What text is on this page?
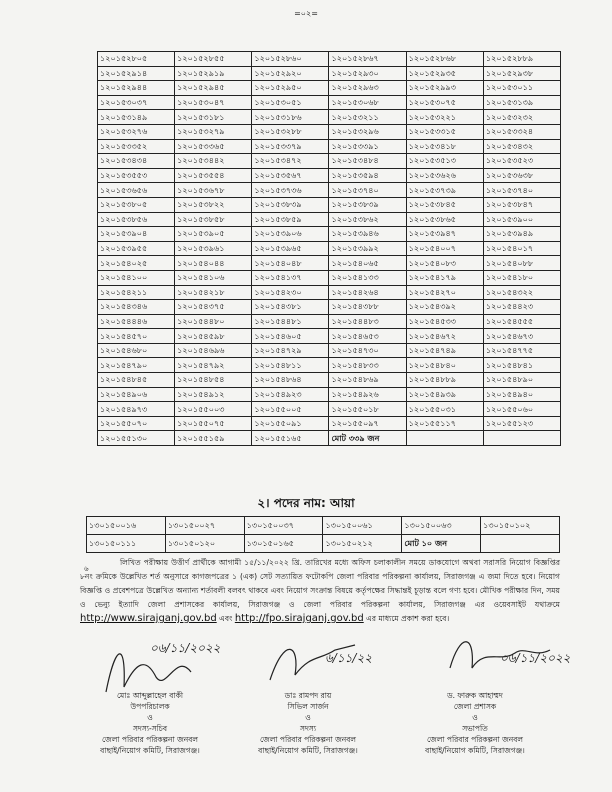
=০২=
১২০১৫২৮০৫	১২০১৫২৮৫৫	১২০১৫২৮৬০	১২০১৫২৮৬৭	১২০১৫২৮৬৮	১২০১৫২৮৮৯
১২০১৫২৯১৪	১২০১৫২৯১৯	১২০১৫২৯২০	১২০১৫২৯৩০	১২০১৫২৯৩৫	১২০১৫২৯৩৮
১২০১৫২৯৪৪	১২০১৫২৯৪৫	১২০১৫২৯৫০	১২০১৫২৯৬৩	১২০১৫২৯৯৩	১২০১৫৩০১১
১২০১৫৩০৩৭	১২০১৫৩০৪৭	১২০১৫৩০৫১	১২০১৫৩০৬৮	১২০১৫৩০৭৫	১২০১৫৩১৩৯
১২০১৫৩১৪৯	১২০১৫৩১৮১	১২০১৫৩১৮৬	১২০১৫৩২১১	১২০১৫৩২২১	১২০১৫৩২৩২
১২০১৫৩২৭৬	১২০১৫৩২৭৯	১২০১৫৩২৮৮	১২০১৫৩২৯৬	১২০১৫৩৩১৫	১২০১৫৩৩২৪
১২০১৫৩৩৫২	১২০১৫৩৩৬৫	১২০১৫৩৩৭৯	১২০১৫৩৩৯১	১২০১৫৩৪১৮	১২০১৫৩৪৩২
১২০১৫৩৪৩৪	১২০১৫৩৪৪২	১২০১৫৩৪৭২	১২০১৫৩৪৮৪	১২০১৫৩৫১৩	১২০১৫৩৫২৩
১২০১৫৩৫৫৩	১২০১৫৩৫৫৪	১২০১৫৩৫৬৭	১২০১৫৩৫৯৪	১২০১৫৩৬২৬	১২০১৫৩৬৩৮
১২০১৫৩৬৫৬	১২০১৫৩৬৭৮	১২০১৫৩৭৩৬	১২০১৫৩৭৪০	১২০১৫৩৭৩৯	১২০১৫৩৭৪০
১২০১৫৩৮০৫	১২০১৫৩৮২২	১২০১৫৩৮৩৯	১২০১৫৩৮৩৯	১২০১৫৩৮৪৫	১২০১৫৩৮৪৭
১২০১৫৩৮৫৬	১২০১৫৩৮৫৮	১২০১৫৩৮৫৯	১২০১৫৩৮৬২	১২০১৫৩৮৬৫	১২০১৫৩৯০০
১২০১৫৩৯০৪	১২০১৫৩৯০৫	১২০১৫৩৯০৬	১২০১৫৩৯৪৬	১২০১৫৩৯৪৭	১২০১৫৩৯৪৯
১২০১৫৩৯৫৫	১২০১৫৩৯৬১	১২০১৫৩৯৬৫	১২০১৫৩৯৯২	১২০১৫৪০০৭	১২০১৫৪০১৭
১২০১৫৪০২৫	১২০১৫৪০৪৪	১২০১৫৪০৪৮	১২০১৫৪০৬৫	১২০১৫৪০৮৩	১২০১৫৪০৮৮
১২০১৫৪১০০	১২০১৫৪১০৬	১২০১৫৪১৩৭	১২০১৫৪১৩৩	১২০১৫৪১৭৯	১২০১৫৪১৮০
১২০১৫৪২১১	১২০১৫৪২১৮	১২০১৫৪২৩০	১২০১৫৪২৬৪	১২০১৫৪২৭০	১২০১৫৪৩২২
১২০১৫৪৩৪৬	১২০১৫৪৩৭৫	১২০১৫৪৩৮১	১২০১৫৪৩৮৮	১২০১৫৪৩৯২	১২০১৫৪৪২৩
১২০১৫৪৪৪৬	১২০১৫৪৪৮০	১২০১৫৪৪৮১	১২০১৫৪৪৮৩	১২০১৫৪৫৩৩	১২০১৫৪৫৫৫
১২০১৫৪৫৭০	১২০১৫৪৫৯৮	১২০১৫৪৬০৫	১২০১৫৪৬৫৩	১২০১৫৪৬৭২	১২০১৫৪৬৭৩
১২০১৫৪৬৮০	১২০১৫৪৬৯৬	১২০১৫৪৭২৯	১২০১৫৪৭৩০	১২০১৫৪৭৪৯	১২০১৫৪৭৭৫
১২০১৫৪৭৯০	১২০১৫৪৭৯২	১২০১৫৪৮১১	১২০১৫৪৮৩৩	১২০১৫৪৮৪০	১২০১৫৪৮৪১
১২০১৫৪৮৪৫	১২০১৫৪৮৫৪	১২০১৫৪৮৬৪	১২০১৫৪৮৬৯	১২০১৫৪৮৮৯	১২০১৫৪৮৯০
১২০১৫৪৯০৬	১২০১৫৪৯১২	১২০১৫৪৯২৩	১২০১৫৪৯২৬	১২০১৫৪৯৩৯	১২০১৫৪৯৪০
১২০১৫৪৯৭৩	১২০১৫৫০০৩	১২০১৫৫০০৫	১২০১৫৫০১৮	১২০১৫৫০৩১	১২০১৫৫০৬০
১২০১৫৫০৭০	১২০১৫৫০৭৫	১২০১৫৫০৯১	১২০১৫৫০৯৭	১২০১৫৫১১৭	১২০১৫৫১২৩
১২০১৫৫১৩০	১২০১৫৫১৫৯	১২০১৫৫১৬৫	মোট ৩৩৯ জন		
২। পদের নাম: আয়া
১৩০১৫০০১৬	১৩০১৫০০২৭	১৩০১৫০০৩৭	১৩০১৫০০৬১	১৩০১৫০০৬৩	১৩০১৫০১০২
১৩০১৫০১১১	১৩০১৫০১২০	১৩০১৫০১৬৫	১৩০১৫০২১২	মোট ১০ জন	
৬
লিখিত পরীক্ষায় উত্তীর্ণ প্রার্থীকে আগামী ১৫/১১/২০২২ খ্রি. তারিখের মধ্যে অফিস চলাকালীন সময়ে ডাকযোগে অথবা সরাসরি নিয়োগ বিজ্ঞপ্তির ৮নং ক্রমিকে উল্লেখিত শর্ত অনুসারে কাগজপত্রের ১ (এক) সেট সত্যায়িত ফটোকপি জেলা পরিবার পরিকল্পনা কার্যালয়, সিরাজগঞ্জ এ জমা দিতে হবে। নিয়োগ বিজ্ঞপ্তি ও প্রবেশপত্রে উল্লেখিত অন্যান্য শর্তাবলী বলবৎ থাকবে এবং নিয়োগ সংক্রান্ত বিষয়ে কর্তৃপক্ষের সিদ্ধান্তই চূড়ান্ত বলে গণ্য হবে। মৌখিক পরীক্ষার দিন, সময় ও ভেন্যু ইত্যাদি জেলা প্রশাসকের কার্যালয়, সিরাজগঞ্জ ও জেলা পরিবার পরিকল্পনা কার্যালয়, সিরাজগঞ্জ এর ওয়েবসাইট যথাক্রমে http://www.sirajganj.gov.bd এবং http://fpo.sirajganj.gov.bd এর মাধ্যমে প্রকাশ করা হবে।
০৬/১১/২০২২
৬/১১/২২	০৬/১১/২০২২
মোঃ আব্দুল্লাহেল বাকী
উপপরিচালক
ও
সদস্য-সচিব
জেলা পরিবার পরিকল্পনা জনবল
বাছাই/নিয়োগ কমিটি, সিরাজগঞ্জ।
ডাঃ রামপদ রায়
সিভিল সার্জন
ও
সদস্য
জেলা পরিবার পরিকল্পনা জনবল
বাছাই/নিয়োগ কমিটি, সিরাজগঞ্জ।
ড. ফারুক আহাম্মদ
জেলা প্রশাসক
ও
সভাপতি
জেলা পরিবার পরিকল্পনা জনবল
বাছাই/নিয়োগ কমিটি, সিরাজগঞ্জ।
